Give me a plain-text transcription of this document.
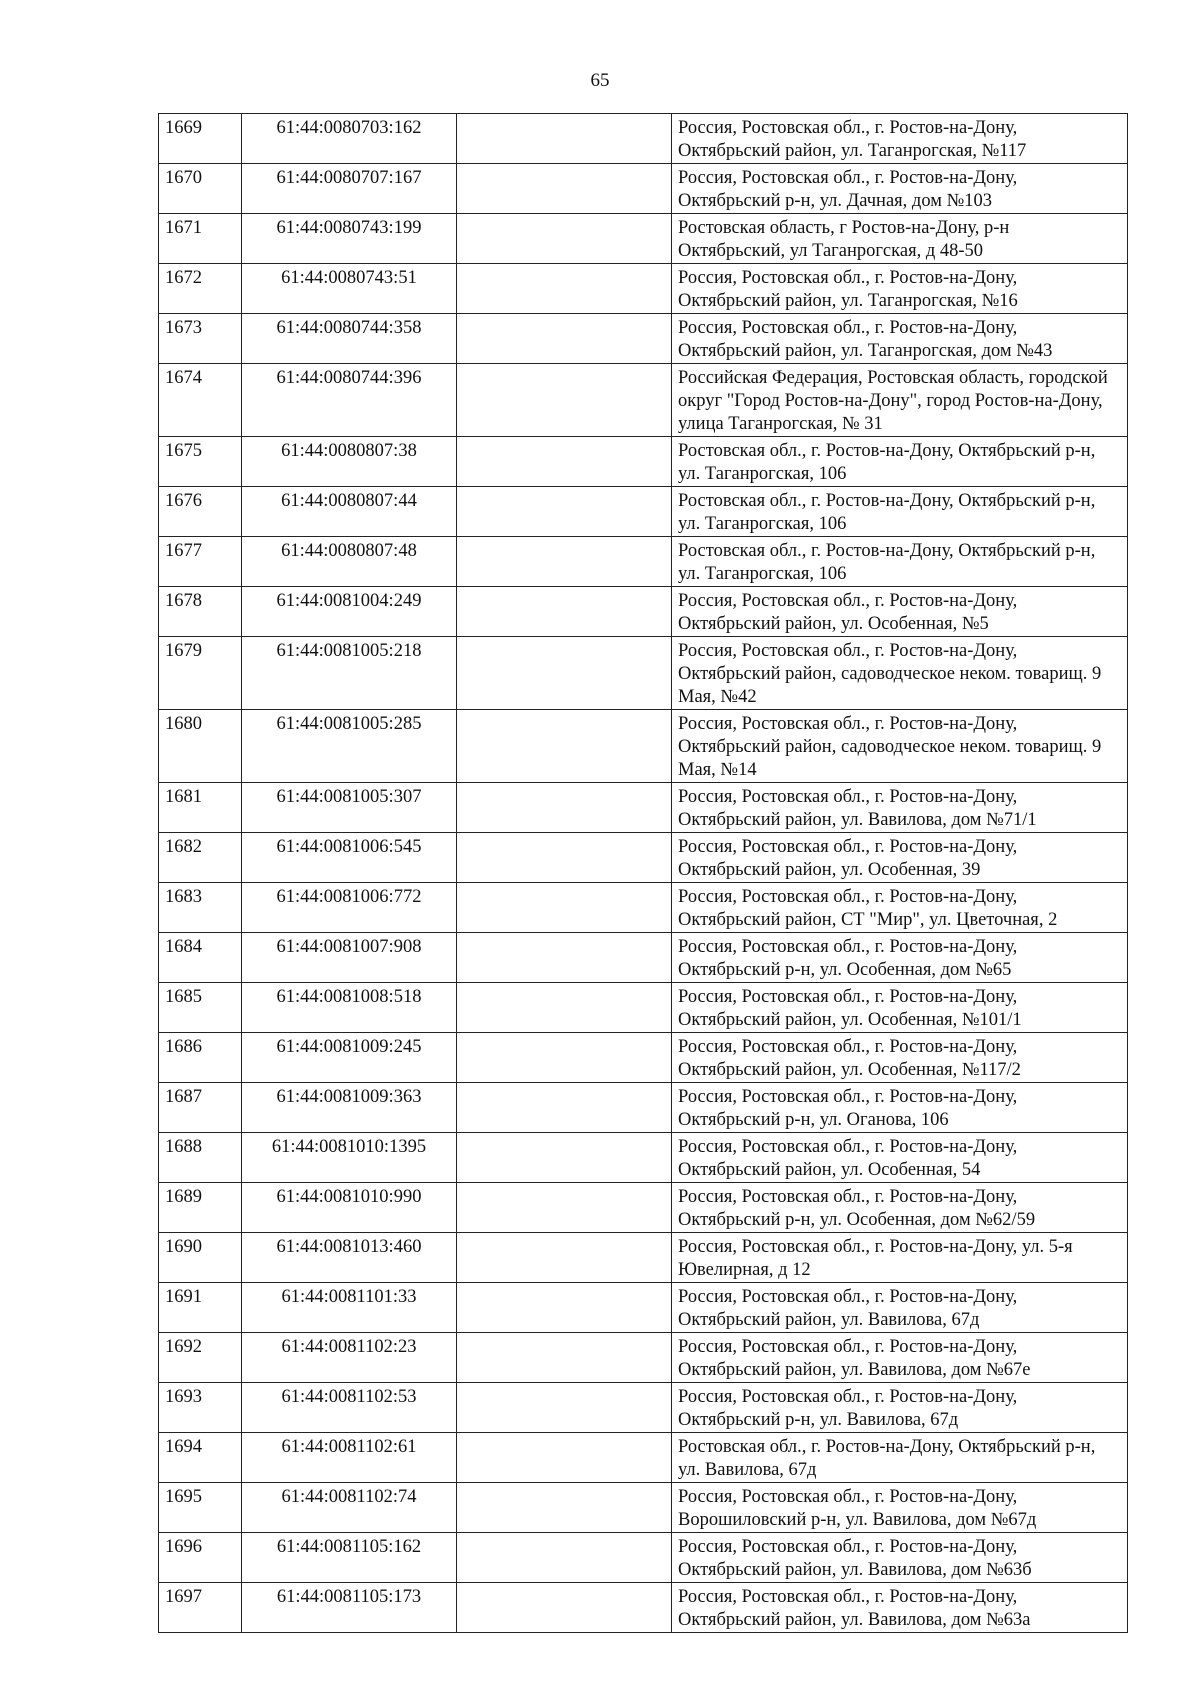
65
1669	61:44:0080703:162		Россия, Ростовская обл., г. Ростов-на-Дону, Октябрьский район, ул. Таганрогская, №117
1670	61:44:0080707:167		Россия, Ростовская обл., г. Ростов-на-Дону, Октябрьский р-н, ул. Дачная, дом №103
1671	61:44:0080743:199		Ростовская область, г Ростов-на-Дону, р-н Октябрьский, ул Таганрогская, д 48-50
1672	61:44:0080743:51		Россия, Ростовская обл., г. Ростов-на-Дону, Октябрьский район, ул. Таганрогская, №16
1673	61:44:0080744:358		Россия, Ростовская обл., г. Ростов-на-Дону, Октябрьский район, ул. Таганрогская, дом №43
1674	61:44:0080744:396		Российская Федерация, Ростовская область, городской округ "Город Ростов-на-Дону", город Ростов-на-Дону, улица Таганрогская, № 31
1675	61:44:0080807:38		Ростовская обл., г. Ростов-на-Дону, Октябрьский р-н, ул. Таганрогская, 106
1676	61:44:0080807:44		Ростовская обл., г. Ростов-на-Дону, Октябрьский р-н, ул. Таганрогская, 106
1677	61:44:0080807:48		Ростовская обл., г. Ростов-на-Дону, Октябрьский р-н, ул. Таганрогская, 106
1678	61:44:0081004:249		Россия, Ростовская обл., г. Ростов-на-Дону, Октябрьский район, ул. Особенная, №5
1679	61:44:0081005:218		Россия, Ростовская обл., г. Ростов-на-Дону, Октябрьский район, садоводческое неком. товарищ. 9 Мая, №42
1680	61:44:0081005:285		Россия, Ростовская обл., г. Ростов-на-Дону, Октябрьский район, садоводческое неком. товарищ. 9 Мая, №14
1681	61:44:0081005:307		Россия, Ростовская обл., г. Ростов-на-Дону, Октябрьский район, ул. Вавилова, дом №71/1
1682	61:44:0081006:545		Россия, Ростовская обл., г. Ростов-на-Дону, Октябрьский район, ул. Особенная, 39
1683	61:44:0081006:772		Россия, Ростовская обл., г. Ростов-на-Дону, Октябрьский район, СТ "Мир", ул. Цветочная, 2
1684	61:44:0081007:908		Россия, Ростовская обл., г. Ростов-на-Дону, Октябрьский р-н, ул. Особенная, дом №65
1685	61:44:0081008:518		Россия, Ростовская обл., г. Ростов-на-Дону, Октябрьский район, ул. Особенная, №101/1
1686	61:44:0081009:245		Россия, Ростовская обл., г. Ростов-на-Дону, Октябрьский район, ул. Особенная, №117/2
1687	61:44:0081009:363		Россия, Ростовская обл., г. Ростов-на-Дону, Октябрьский р-н, ул. Оганова, 106
1688	61:44:0081010:1395		Россия, Ростовская обл., г. Ростов-на-Дону, Октябрьский район, ул. Особенная, 54
1689	61:44:0081010:990		Россия, Ростовская обл., г. Ростов-на-Дону, Октябрьский р-н, ул. Особенная, дом №62/59
1690	61:44:0081013:460		Россия, Ростовская обл., г. Ростов-на-Дону, ул. 5-я Ювелирная, д 12
1691	61:44:0081101:33		Россия, Ростовская обл., г. Ростов-на-Дону, Октябрьский район, ул. Вавилова, 67д
1692	61:44:0081102:23		Россия, Ростовская обл., г. Ростов-на-Дону, Октябрьский район, ул. Вавилова, дом №67е
1693	61:44:0081102:53		Россия, Ростовская обл., г. Ростов-на-Дону, Октябрьский р-н, ул. Вавилова, 67д
1694	61:44:0081102:61		Ростовская обл., г. Ростов-на-Дону, Октябрьский р-н, ул. Вавилова, 67д
1695	61:44:0081102:74		Россия, Ростовская обл., г. Ростов-на-Дону, Ворошиловский р-н, ул. Вавилова, дом №67д
1696	61:44:0081105:162		Россия, Ростовская обл., г. Ростов-на-Дону, Октябрьский район, ул. Вавилова, дом №63б
1697	61:44:0081105:173		Россия, Ростовская обл., г. Ростов-на-Дону, Октябрьский район, ул. Вавилова, дом №63а
